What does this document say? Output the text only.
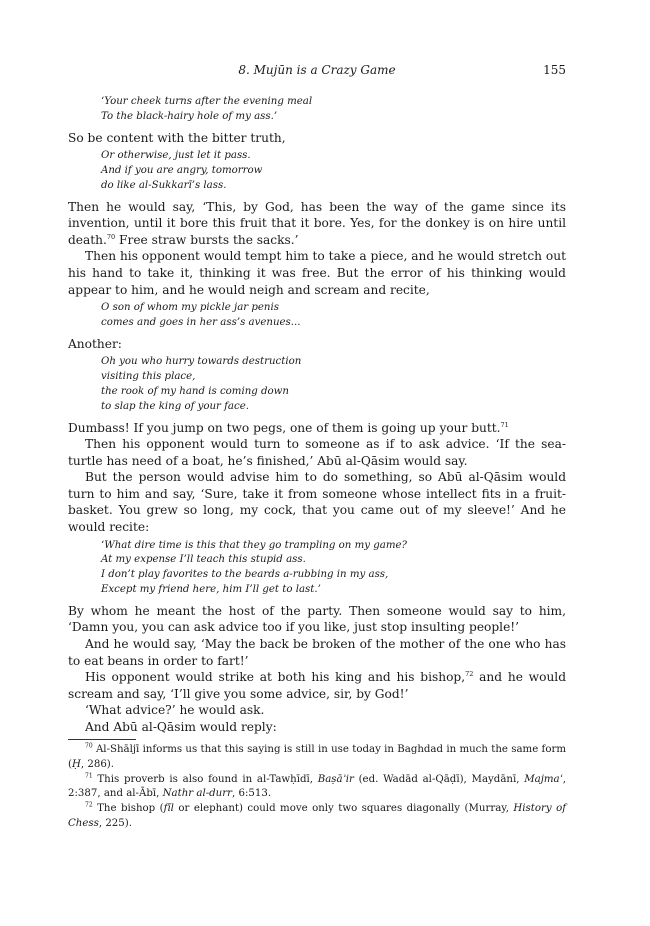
8. Mujūn is a Crazy Game	155
‘Your cheek turns after the evening meal
To the black-hairy hole of my ass.’

So be content with the bitter truth,

Or otherwise, just let it pass.
And if you are angry, tomorrow
do like al-Sukkarī’s lass.

Then he would say, ‘This, by God, has been the way of the game since its invention, until it bore this fruit that it bore. Yes, for the donkey is on hire until death.$^{70}$ Free straw bursts the sacks.’

Then his opponent would tempt him to take a piece, and he would stretch out his hand to take it, thinking it was free. But the error of his thinking would appear to him, and he would neigh and scream and recite,

O son of whom my pickle jar penis
comes and goes in her ass’s avenues...

Another:

Oh you who hurry towards destruction
visiting this place,
the rook of my hand is coming down
to slap the king of your face.

Dumbass! If you jump on two pegs, one of them is going up your butt.$^{71}$

Then his opponent would turn to someone as if to ask advice. ‘If the sea-turtle has need of a boat, he’s finished,’ Abū al-Qāsim would say.

But the person would advise him to do something, so Abū al-Qāsim would turn to him and say, ‘Sure, take it from someone whose intellect fits in a fruit-basket. You grew so long, my cock, that you came out of my sleeve!’ And he would recite:

‘What dire time is this that they go trampling on my game?
At my expense I’ll teach this stupid ass.
I don’t play favorites to the beards a-rubbing in my ass,
Except my friend here, him I’ll get to last.’

By whom he meant the host of the party. Then someone would say to him, ‘Damn you, you can ask advice too if you like, just stop insulting people!’

And he would say, ‘May the back be broken of the mother of the one who has to eat beans in order to fart!’

His opponent would strike at both his king and his bishop,$^{72}$ and he would scream and say, ‘I’ll give you some advice, sir, by God!’

‘What advice?’ he would ask.

And Abū al-Qāsim would reply:

$^{70}$ Al-Shāljī informs us that this saying is still in use today in Baghdad in much the same form (Ḥ, 286).

$^{71}$ This proverb is also found in al-Tawḥīdī, Baṣāʾir (ed. Wadād al-Qāḍī), Maydānī, Majmaʿ, 2:387, and al-Ābī, Nathr al-durr, 6:513.

$^{72}$ The bishop (fīl or elephant) could move only two squares diagonally (Murray, History of Chess, 225).
